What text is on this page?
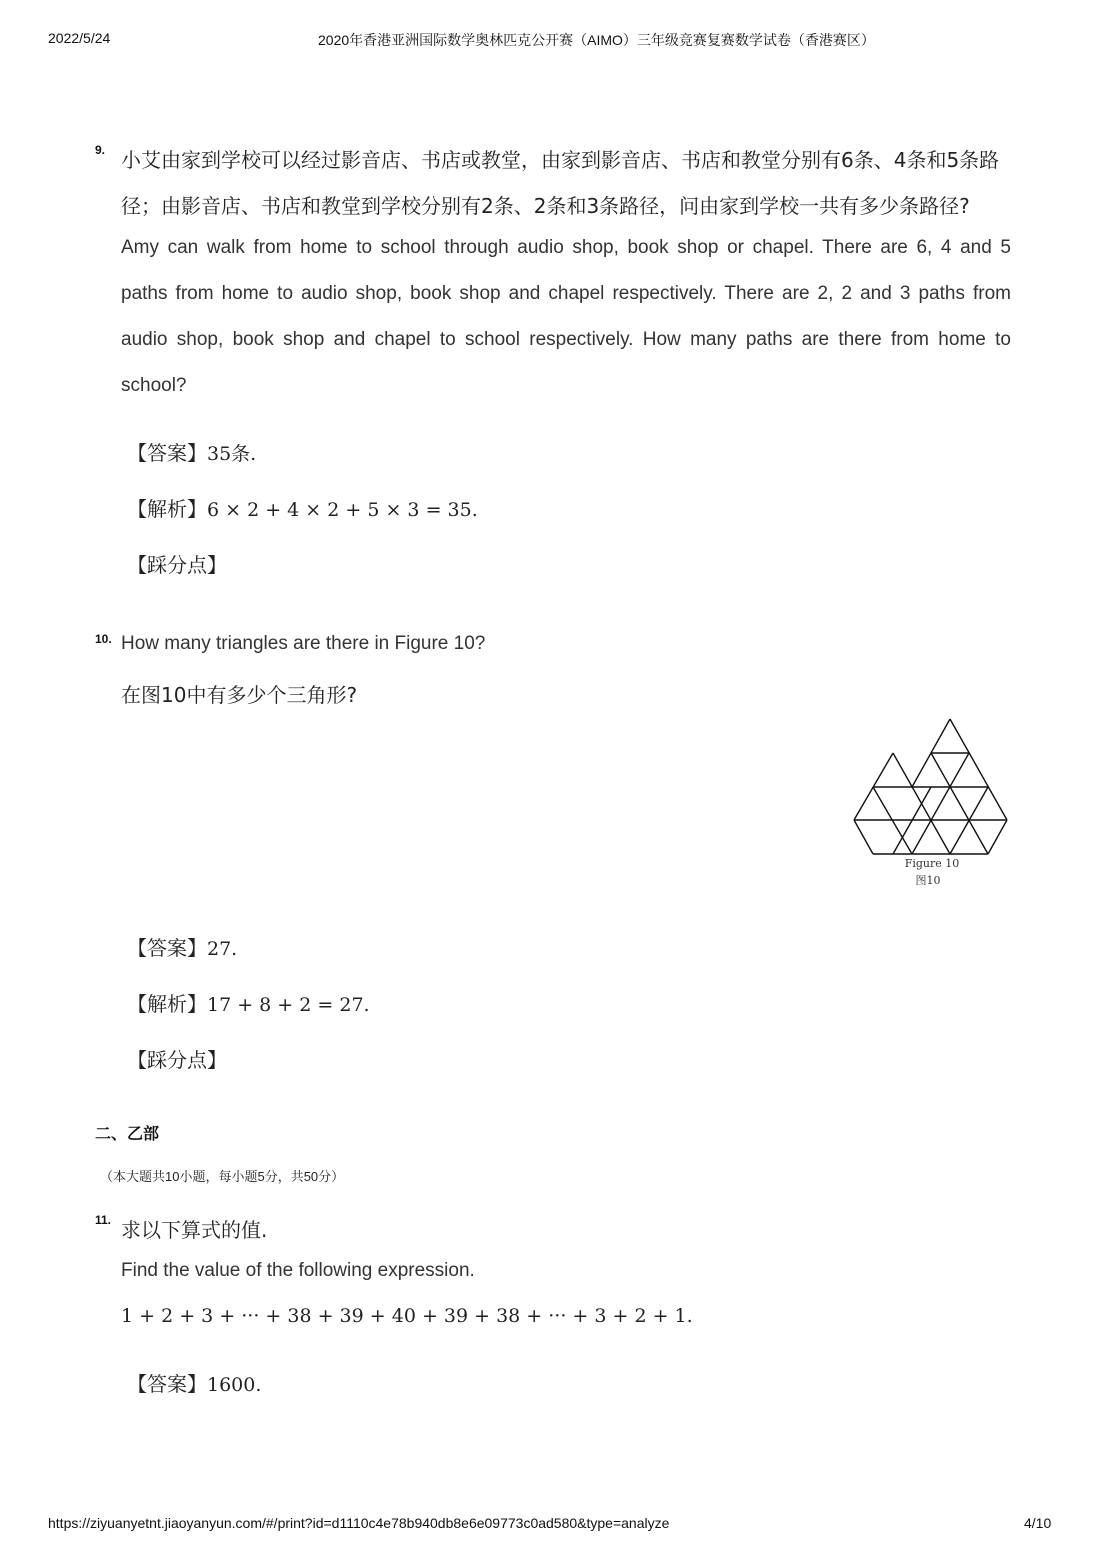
2022/5/24	2020年香港亚洲国际数学奥林匹克公开赛（AIMO）三年级竞赛复赛数学试卷（香港赛区）
9. 小艾由家到学校可以经过影音店、书店或教堂，由家到影音店、书店和教堂分别有6条、4条和5条路
径；由影音店、书店和教堂到学校分别有2条、2条和3条路径，问由家到学校一共有多少条路径?
Amy can walk from home to school through audio shop, book shop or chapel. There are 6, 4 and 5
paths from home to audio shop, book shop and chapel respectively. There are 2, 2 and 3 paths from
audio shop, book shop and chapel to school respectively. How many paths are there from home to
school?
【答案】35条.
【解析】6 × 2 + 4 × 2 + 5 × 3 = 35.
【踩分点】
10. How many triangles are there in Figure 10?
在图10中有多少个三角形?
Figure 10
图10
【答案】27.
【解析】17 + 8 + 2 = 27.
【踩分点】
二、乙部
（本大题共10小题，每小题5分，共50分）
11. 求以下算式的值.
Find the value of the following expression.
1 + 2 + 3 + ··· + 38 + 39 + 40 + 39 + 38 + ··· + 3 + 2 + 1.
【答案】1600.
https://ziyuanyetnt.jiaoyanyun.com/#/print?id=d1110c4e78b940db8e6e09773c0ad580&type=analyze	4/10
